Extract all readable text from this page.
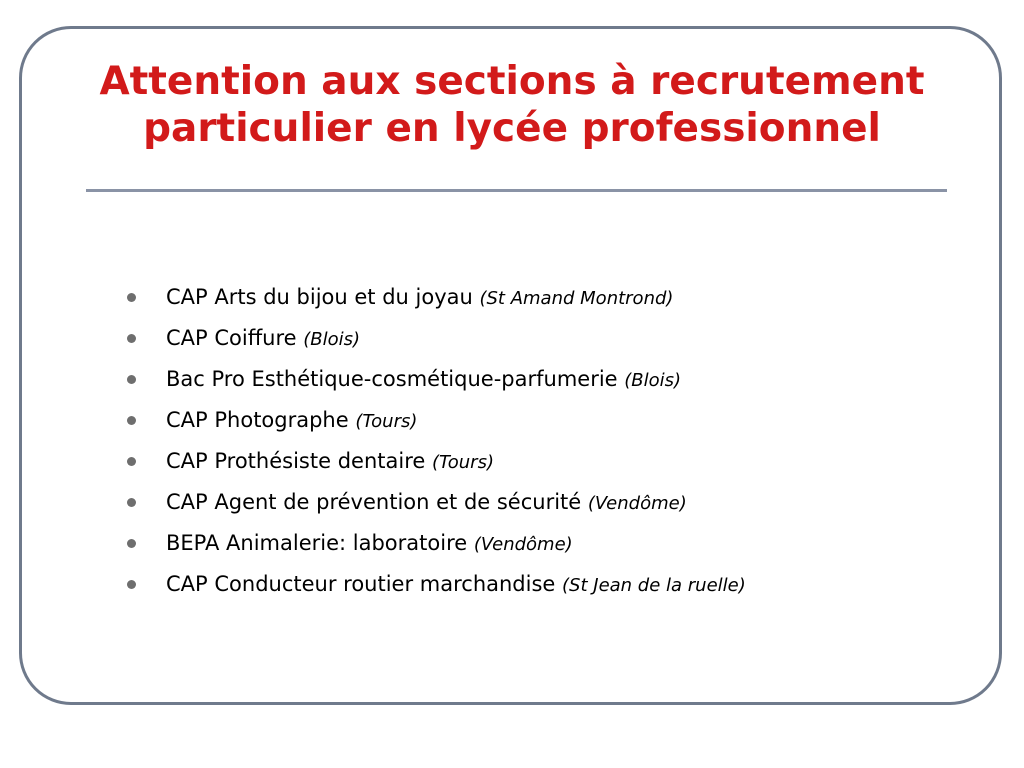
Attention aux sections à recrutement
particulier en lycée professionnel
CAP Arts du bijou et du joyau (St Amand Montrond)
CAP Coiffure (Blois)
Bac Pro Esthétique-cosmétique-parfumerie (Blois)
CAP Photographe (Tours)
CAP Prothésiste dentaire (Tours)
CAP Agent de prévention et de sécurité (Vendôme)
BEPA Animalerie: laboratoire (Vendôme)
CAP Conducteur routier marchandise (St Jean de la ruelle)
